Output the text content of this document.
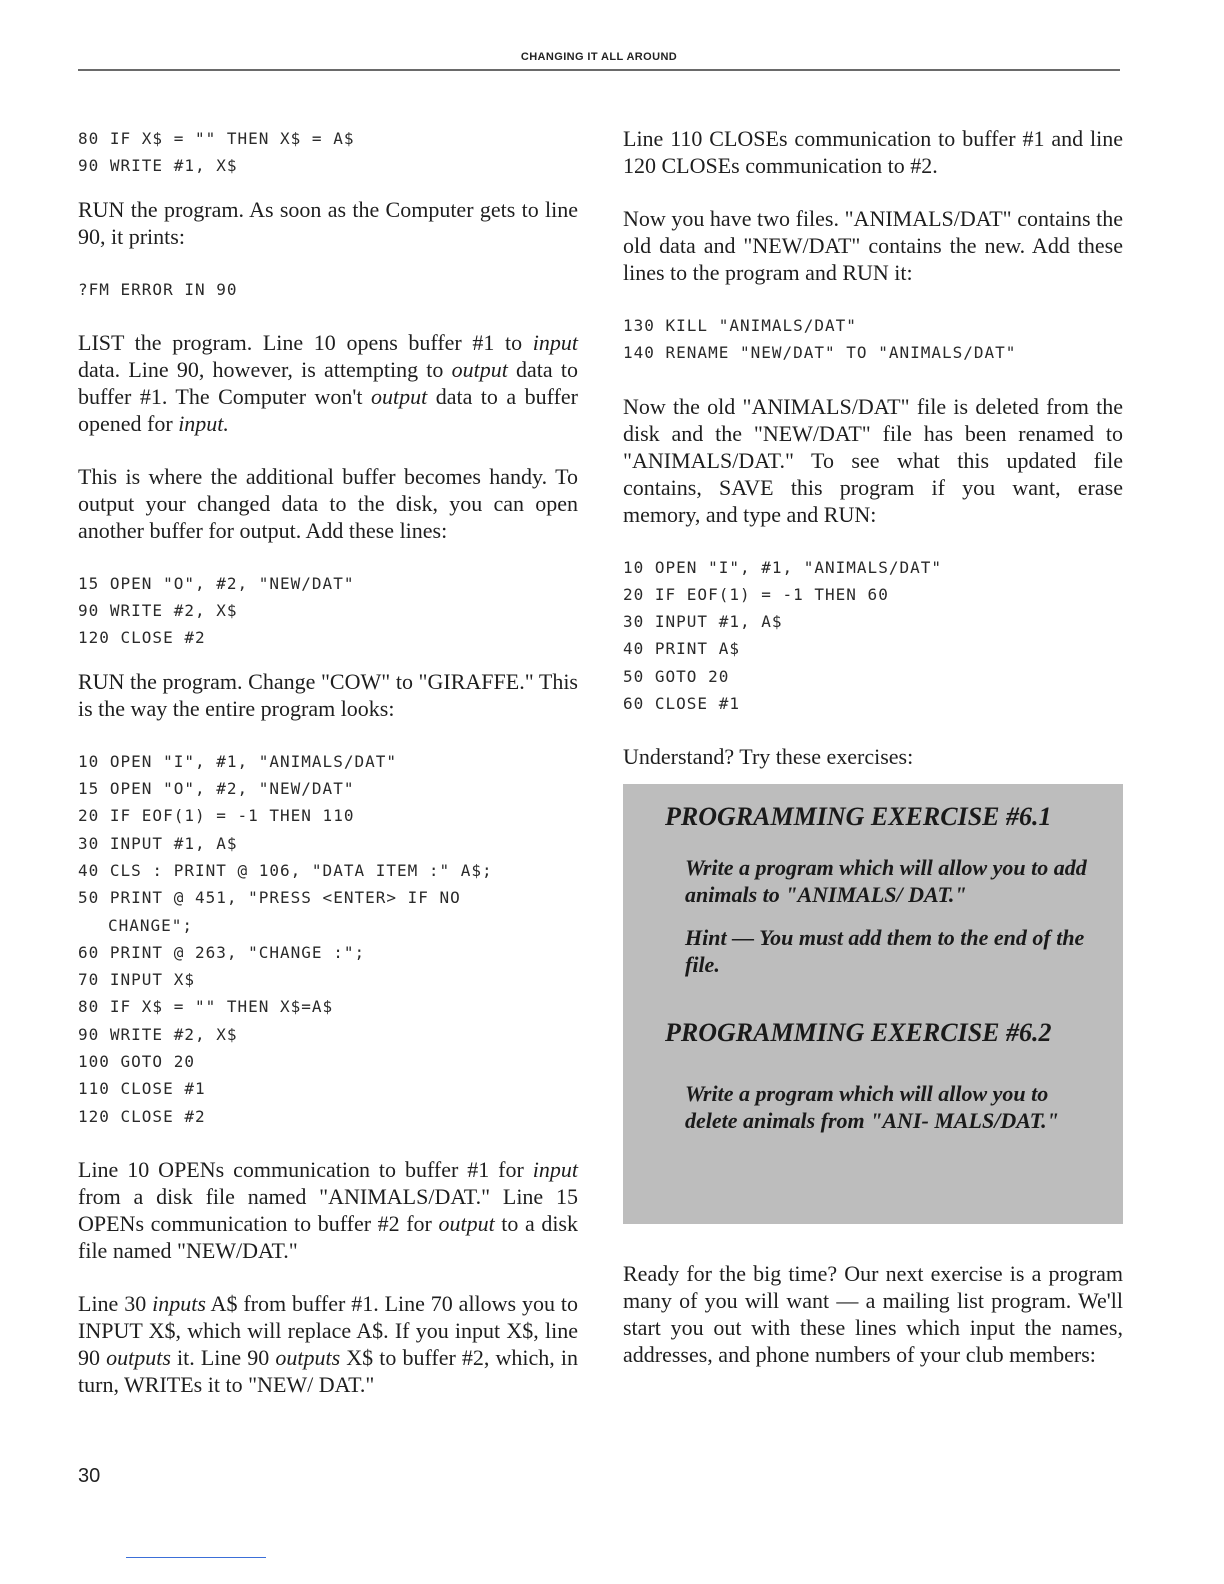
CHANGING IT ALL AROUND
80 IF X$ = "" THEN X$ = A$
90 WRITE #1, X$

RUN the program. As soon as the Computer gets to line 90, it prints:

?FM ERROR IN 90

LIST the program. Line 10 opens buffer #1 to input data. Line 90, however, is attempting to output data to buffer #1. The Computer won't output data to a buffer opened for input.

This is where the additional buffer becomes handy. To output your changed data to the disk, you can open another buffer for output. Add these lines:

15 OPEN "O", #2, "NEW/DAT"
90 WRITE #2, X$
120 CLOSE #2

RUN the program. Change "COW" to "GIRAFFE." This is the way the entire program looks:

10 OPEN "I", #1, "ANIMALS/DAT"
15 OPEN "O", #2, "NEW/DAT"
20 IF EOF(1) = -1 THEN 110
30 INPUT #1, A$
40 CLS : PRINT @ 106, "DATA ITEM :" A$;
50 PRINT @ 451, "PRESS <ENTER> IF NO
CHANGE";
60 PRINT @ 263, "CHANGE :";
70 INPUT X$
80 IF X$ = "" THEN X$=A$
90 WRITE #2, X$
100 GOTO 20
110 CLOSE #1
120 CLOSE #2

Line 10 OPENs communication to buffer #1 for input from a disk file named "ANIMALS/DAT." Line 15 OPENs communication to buffer #2 for output to a disk file named "NEW/DAT."

Line 30 inputs A$ from buffer #1. Line 70 allows you to INPUT X$, which will replace A$. If you input X$, line 90 outputs it. Line 90 outputs X$ to buffer #2, which, in turn, WRITEs it to "NEW/ DAT."

Line 110 CLOSEs communication to buffer #1 and line 120 CLOSEs communication to #2.

Now you have two files. "ANIMALS/DAT" contains the old data and "NEW/DAT" contains the new. Add these lines to the program and RUN it:

130 KILL "ANIMALS/DAT"
140 RENAME "NEW/DAT" TO "ANIMALS/DAT"

Now the old "ANIMALS/DAT" file is deleted from the disk and the "NEW/DAT" file has been renamed to "ANIMALS/DAT." To see what this updated file contains, SAVE this program if you want, erase memory, and type and RUN:

10 OPEN "I", #1, "ANIMALS/DAT"
20 IF EOF(1) = -1 THEN 60
30 INPUT #1, A$
40 PRINT A$
50 GOTO 20
60 CLOSE #1

Understand? Try these exercises:

PROGRAMMING EXERCISE #6.1

Write a program which will allow you to add animals to "ANIMALS/ DAT."

Hint — You must add them to the end of the file.

PROGRAMMING EXERCISE #6.2

Write a program which will allow you to delete animals from "ANI- MALS/DAT."

Ready for the big time? Our next exercise is a program many of you will want — a mailing list program. We'll start you out with these lines which input the names, addresses, and phone numbers of your club members:

30
